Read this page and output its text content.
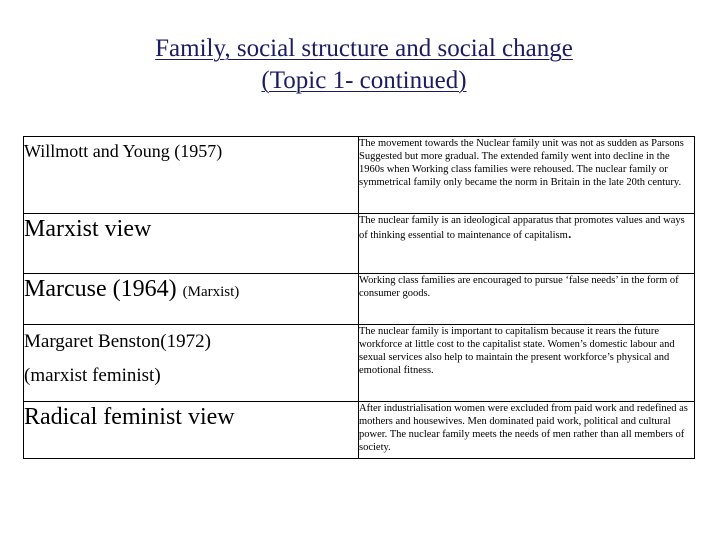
Family, social structure and social change
(Topic 1- continued)
Willmott and Young (1957)	The movement towards the Nuclear family unit was not as sudden as Parsons Suggested but more gradual. The extended family went into decline in the 1960s when Working class families were rehoused. The nuclear family or symmetrical family only became the norm in Britain in the late 20th century.

Marxist view	The nuclear family is an ideological apparatus that promotes values and ways of thinking essential to maintenance of capitalism.

Marcuse (1964) (Marxist)	Working class families are encouraged to pursue ‘false needs’ in the form of consumer goods.

Margaret Benston(1972)
(marxist feminist)	The nuclear family is important to capitalism because it rears the future workforce at little cost to the capitalist state. Women’s domestic labour and sexual services also help to maintain the present workforce’s physical and emotional fitness.

Radical feminist view	After industrialisation women were excluded from paid work and redefined as mothers and housewives. Men dominated paid work, political and cultural power. The nuclear family meets the needs of men rather than all members of society.
